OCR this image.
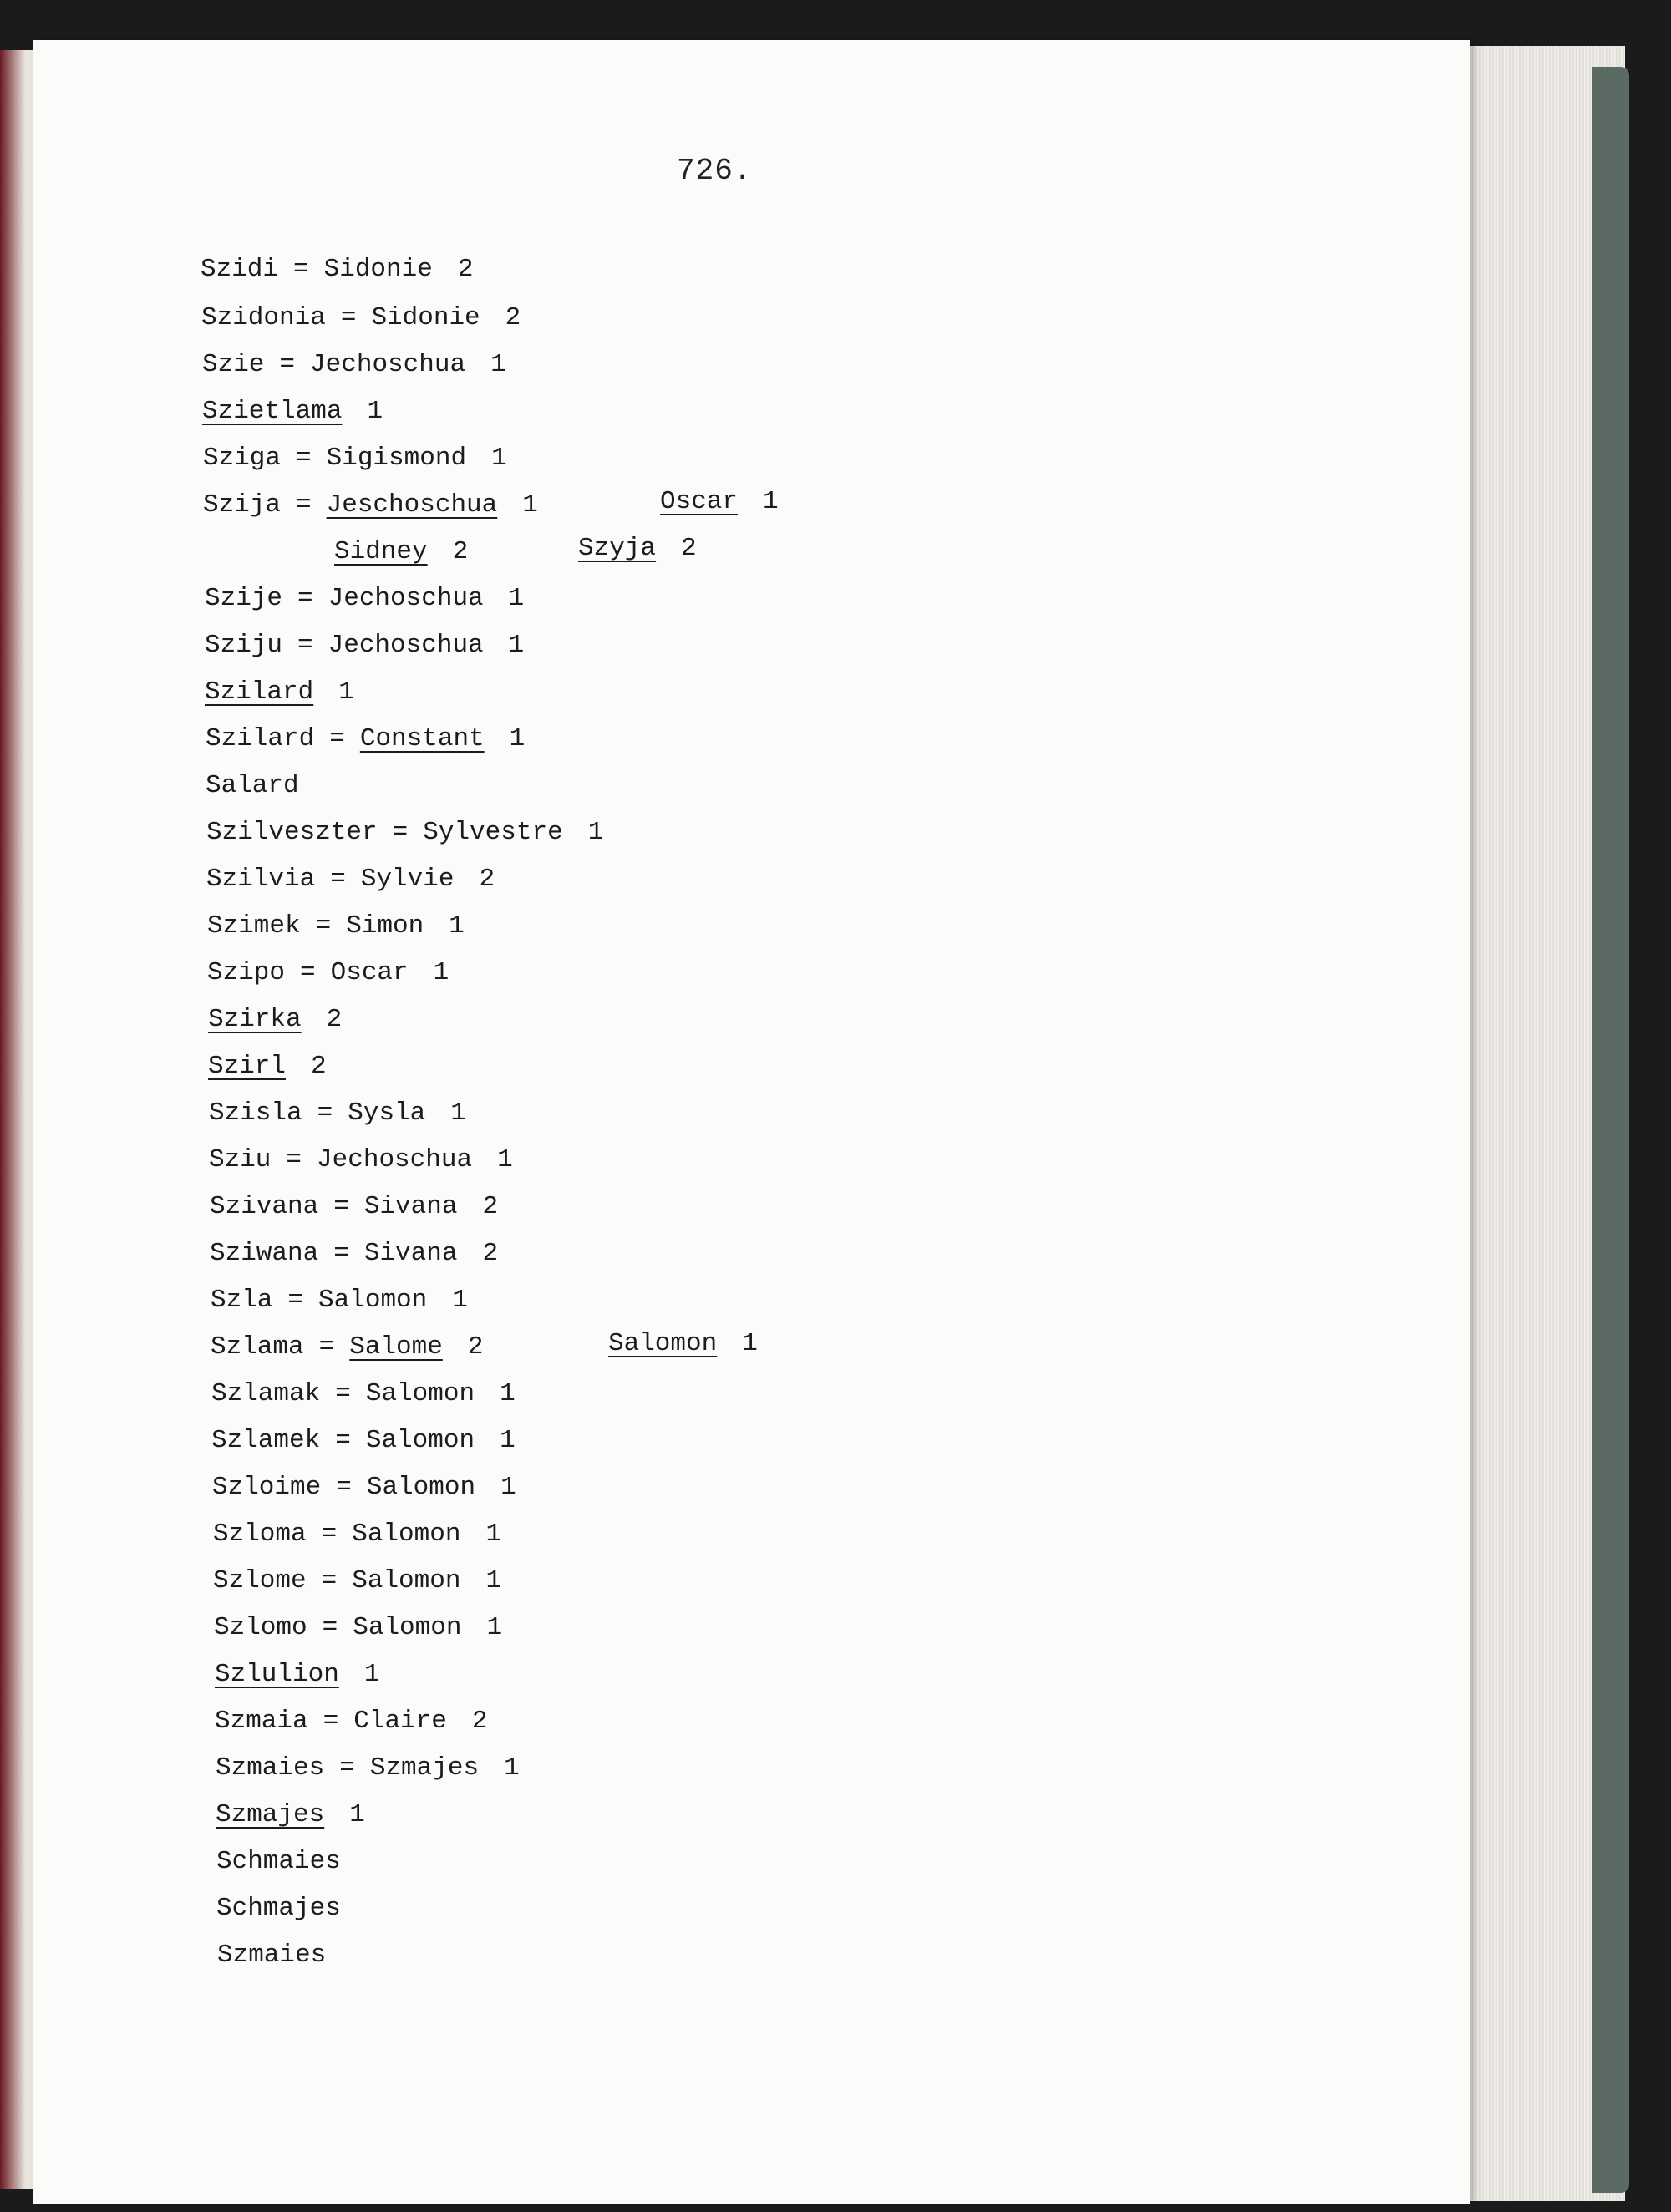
726.
Szidi = Sidonie 2
Szidonia = Sidonie 2
Szie = Jechoschua 1
Szietlama 1
Sziga = Sigismond 1
Szija = Jeschoschua 1	Oscar 1
Sidney 2	Szyja 2
Szije = Jechoschua 1
Sziju = Jechoschua 1
Szilard 1
Szilard = Constant 1
Salard
Szilveszter = Sylvestre 1
Szilvia = Sylvie 2
Szimek = Simon 1
Szipo = Oscar 1
Szirka 2
Szirl 2
Szisla = Sysla 1
Sziu = Jechoschua 1
Szivana = Sivana 2
Sziwana = Sivana 2
Szla = Salomon 1
Szlama = Salome 2	Salomon 1
Szlamak = Salomon 1
Szlamek = Salomon 1
Szloime = Salomon 1
Szloma = Salomon 1
Szlome = Salomon 1
Szlomo = Salomon 1
Szlulion 1
Szmaia = Claire 2
Szmaies = Szmajes 1
Szmajes 1
Schmaies
Schmajes
Szmaies
